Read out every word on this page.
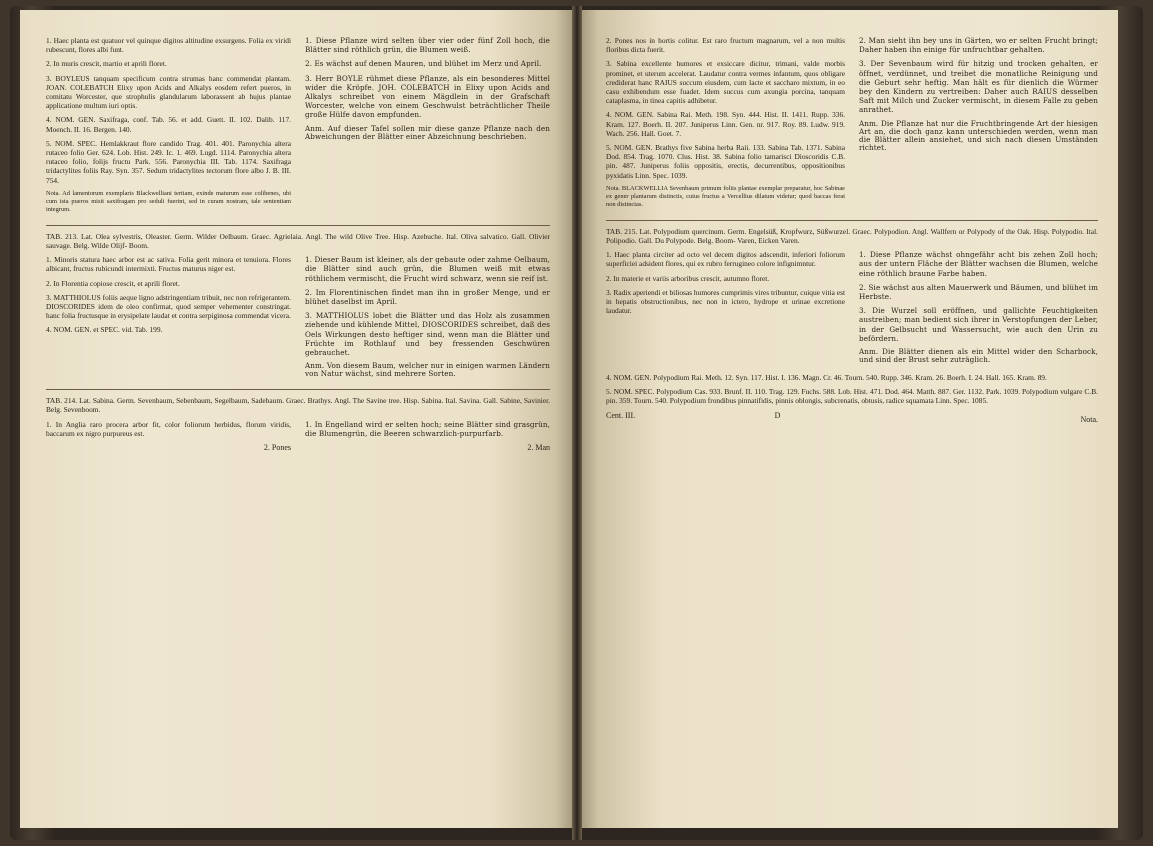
1. Haec planta est quatuor vel quinque digitos altitudine exsurgens. Folia ex viridi rubescunt, flores albi funt.

2. In muris crescit, martio et aprili floret.

3. BOYLEUS tanquam specificum contra strumas hanc commendat plantam. JOAN. COLEBATCH Elixy upon Acids and Alkalys eosdem refert pueros, in comitatu Worcester, que strophulis glandularum laborassent ab hujus plantae applicatione multum iuri optis.

4. NOM. GEN. Saxifraga, conf. Tab. 56. et add. Guett. II. 102. Dalib. 117. Moench. II. 16. Bergen. 140.

5. NOM. SPEC. Hemlakkraut flore candido Trag. 401. 401. Paronychia altera rutaceo folio Ger. 624. Lob. Hist. 249. Ic. 1. 469. Lugd. 1114. Paronychia altera rutaceo folio, folijs fructu Park. 556. Paronychia III. Tab. 1174. Saxifraga tridactylites foliis Ray. Syn. 357. Sedum tridactylites tectorum flore albo J. B. III. 754.

Nota. Ad lamentorum exemplaris Blackwelliani tertiam, exinde maturum esse colibenes, ubi cum ista pueros misit saxifragam pro seduli fuerint, sed in curam nostram, tale sententiam integrum.

1. Diese Pflanze wird selten über vier oder fünf Zoll hoch, die Blätter sind röthlich grün, die Blumen weiß.

2. Es wächst auf denen Mauren, und blühet im Merz und April.

3. Herr BOYLE rühmet diese Pflanze, als ein besonderes Mittel wider die Kröpfe. JOH. COLEBATCH in Elixy upon Acids and Alkalys schreibet von einem Mägdlein in der Grafschaft Worcester, welche von einem Geschwulst beträchtlicher Theile große Hülfe davon empfunden.

Anm. Auf dieser Tafel sollen mir diese ganze Pflanze nach den Abweichungen der Blätter einer Abzeichnung beschrieben.

TAB. 213. Lat. Olea sylvestris, Oleaster. Germ. Wilder Oelbaum. Graec. Agrielaia. Angl. The wild Olive Tree. Hisp. Azebuche. Ital. Oliva salvatico. Gall. Olivier sauvage. Belg. Wilde Olijf- Boom.

1. Minoris statura haec arbor est ac sativa. Folia gerit minora et tenuiora. Flores albicant, fructus rubicundi intermixti. Fructus maturus niger est.

2. In Florentia copiose crescit, et aprili floret.

3. MATTHIOLUS foliis aeque ligno adstringentiam tribuit, nec non refrigerantem. DIOSCORIDES idem de oleo confirmat, quod semper vehementer constringat. hanc folia fructusque in erysipelate laudat et contra serpiginosa commendat vicera.

4. NOM. GEN. et SPEC. vid. Tab. 199.

1. Dieser Baum ist kleiner, als der gebaute oder zahme Oelbaum, die Blätter sind auch grün, die Blumen weiß mit etwas röthlichem vermischt, die Frucht wird schwarz, wenn sie reif ist.

2. Im Florentinischen findet man ihn in großer Menge, und er blühet daselbst im April.

3. MATTHIOLUS lobet die Blätter und das Holz als zusammen ziehende und kühlende Mittel, DIOSCORIDES schreibet, daß des Oels Wirkungen desto heftiger sind, wenn man die Blätter und Früchte im Rothlauf und bey fressenden Geschwüren gebrauchet.

Anm. Von diesem Baum, welcher nur in einigen warmen Ländern von Natur wächst, sind mehrere Sorten.

TAB. 214. Lat. Sabina. Germ. Sevenbaum, Sebenbaum, Segelbaum, Sadebaum. Graec. Brathys. Angl. The Savine tree. Hisp. Sabina. Ital. Savina. Gall. Sabine, Savinier. Belg. Sevenboom.

1. In Anglia raro procera arbor fit, color foliorum herbidus, florum viridis, baccarum ex nigro purpureus est.

2. Pones

1. In Engelland wird er selten hoch; seine Blätter sind grasgrün, die Blumengrün, die Beeren schwarzlich-purpurfarb.

2. Man

2. Pones nos in hortis colitur. Est raro fructum magnarum, vel a non multis floribus dicta fuerit.

3. Sabina excellente humores et exsiccare dicitur, trimani, valde morbis prominet, et uterum accelerat. Laudatur contra vermes infantum, quos obligare crediderat hanc RAIUS succum eiusdem, cum lacte et saccharo mixtum, in eo casu exhibendum esse fuadet. Idem succus cum axungia porcina, tanquam cataplasma, in tinea capitis adhibetur.

4. NOM. GEN. Sabina Rai. Meth. 198. Syn. 444. Hist. II. 1411. Rupp. 336. Kram. 127. Boerh. II. 207. Juniperus Linn. Gen. nr. 917. Roy. 89. Ludw. 919. Wach. 256. Hall. Goet. 7.

5. NOM. GEN. Brathys five Sabina herba Raii. 133. Sabina Tab. 1371. Sabina Dod. 854. Trag. 1070. Clus. Hist. 38. Sabina folio tamarisci Dioscoridis C.B. pin. 487. Juniperus foliis oppositis, erectis, decurrentibus, oppositionibus pyxidatis Linn. Spec. 1039.

Nota. BLACKWELLIA Sevenbaum primum foliis plantae exemplar preparatur, hoc Sabinae ex gener plantarum distinctis, cuius fructus a Vercellius dilatum videtur; quod baccas ferat non distinctas.

2. Man sieht ihn bey uns in Gärten, wo er selten Frucht bringt; Daher haben ihn einige für unfruchtbar gehalten.

3. Der Sevenbaum wird für hitzig und trocken gehalten, er öffnet, verdünnet, und treibet die monatliche Reinigung und die Geburt sehr heftig. Man hält es für dienlich die Würmer bey den Kindern zu vertreiben: Daher auch RAIUS desselben Saft mit Milch und Zucker vermischt, in diesem Falle zu geben anrathet.

Anm. Die Pflanze hat nur die Fruchtbringende Art der hiesigen Art an, die doch ganz kann unterschieden werden, wenn man die Blätter allein ansiehet, und sich nach diesen Umständen richtet.

TAB. 215. Lat. Polypodium quercinum. Germ. Engelsüß, Kropfwurz, Süßwurzel. Graec. Polypodion. Angl. Wallfern or Polypody of the Oak. Hisp. Polypodio. Ital. Polipodio. Gall. Du Polypode. Belg. Boom- Varen, Eicken Varen.

1. Haec planta circiter ad octo vel decem digitos adscendit, inferiori foliorum superficiei adsident flores, qui ex rubro ferrugineo colore infignimntur.

2. In materie et variis arboribus crescit, autumno floret.

3. Radix aperiendi et biliosas humores cumprimis vires tribuntur, cuique vitia est in hepatis obstructionibus, nec non in ictero, hydrope et urinae excretione laudatur.

1. Diese Pflanze wächst ohngefähr acht bis zehen Zoll hoch; aus der untern Fläche der Blätter wachsen die Blumen, welche eine röthlich braune Farbe haben.

2. Sie wächst aus alten Mauerwerk und Bäumen, und blühet im Herbste.

3. Die Wurzel soll eröffnen, und gallichte Feuchtigkeiten austreiben; man bedient sich ihrer in Verstopfungen der Leber, in der Gelbsucht und Wassersucht, wie auch den Urin zu befördern.

Anm. Die Blätter dienen als ein Mittel wider den Scharbock, und sind der Brust sehr zuträglich.

4. NOM. GEN. Polypodium Rai. Meth. 12. Syn. 117. Hist. I. 136. Magn. Cr. 46. Tourn. 540. Rupp. 346. Kram. 26. Boerh. I. 24. Hall. 165. Kram. 89.

5. NOM. SPEC. Polypodium Cas. 933. Brunf. II. 110. Trag. 129. Fuchs. 588. Lob. Hist. 471. Dod. 464. Matth. 887. Ger. 1132. Park. 1039. Polypodium vulgare C.B. pin. 359. Tourn. 540. Polypodium frondibus pinnatifidis, pinnis oblongis, subcrenatis, obtusis, radice squamata Linn. Spec. 1085.

Cent. III.	D	Nota.
